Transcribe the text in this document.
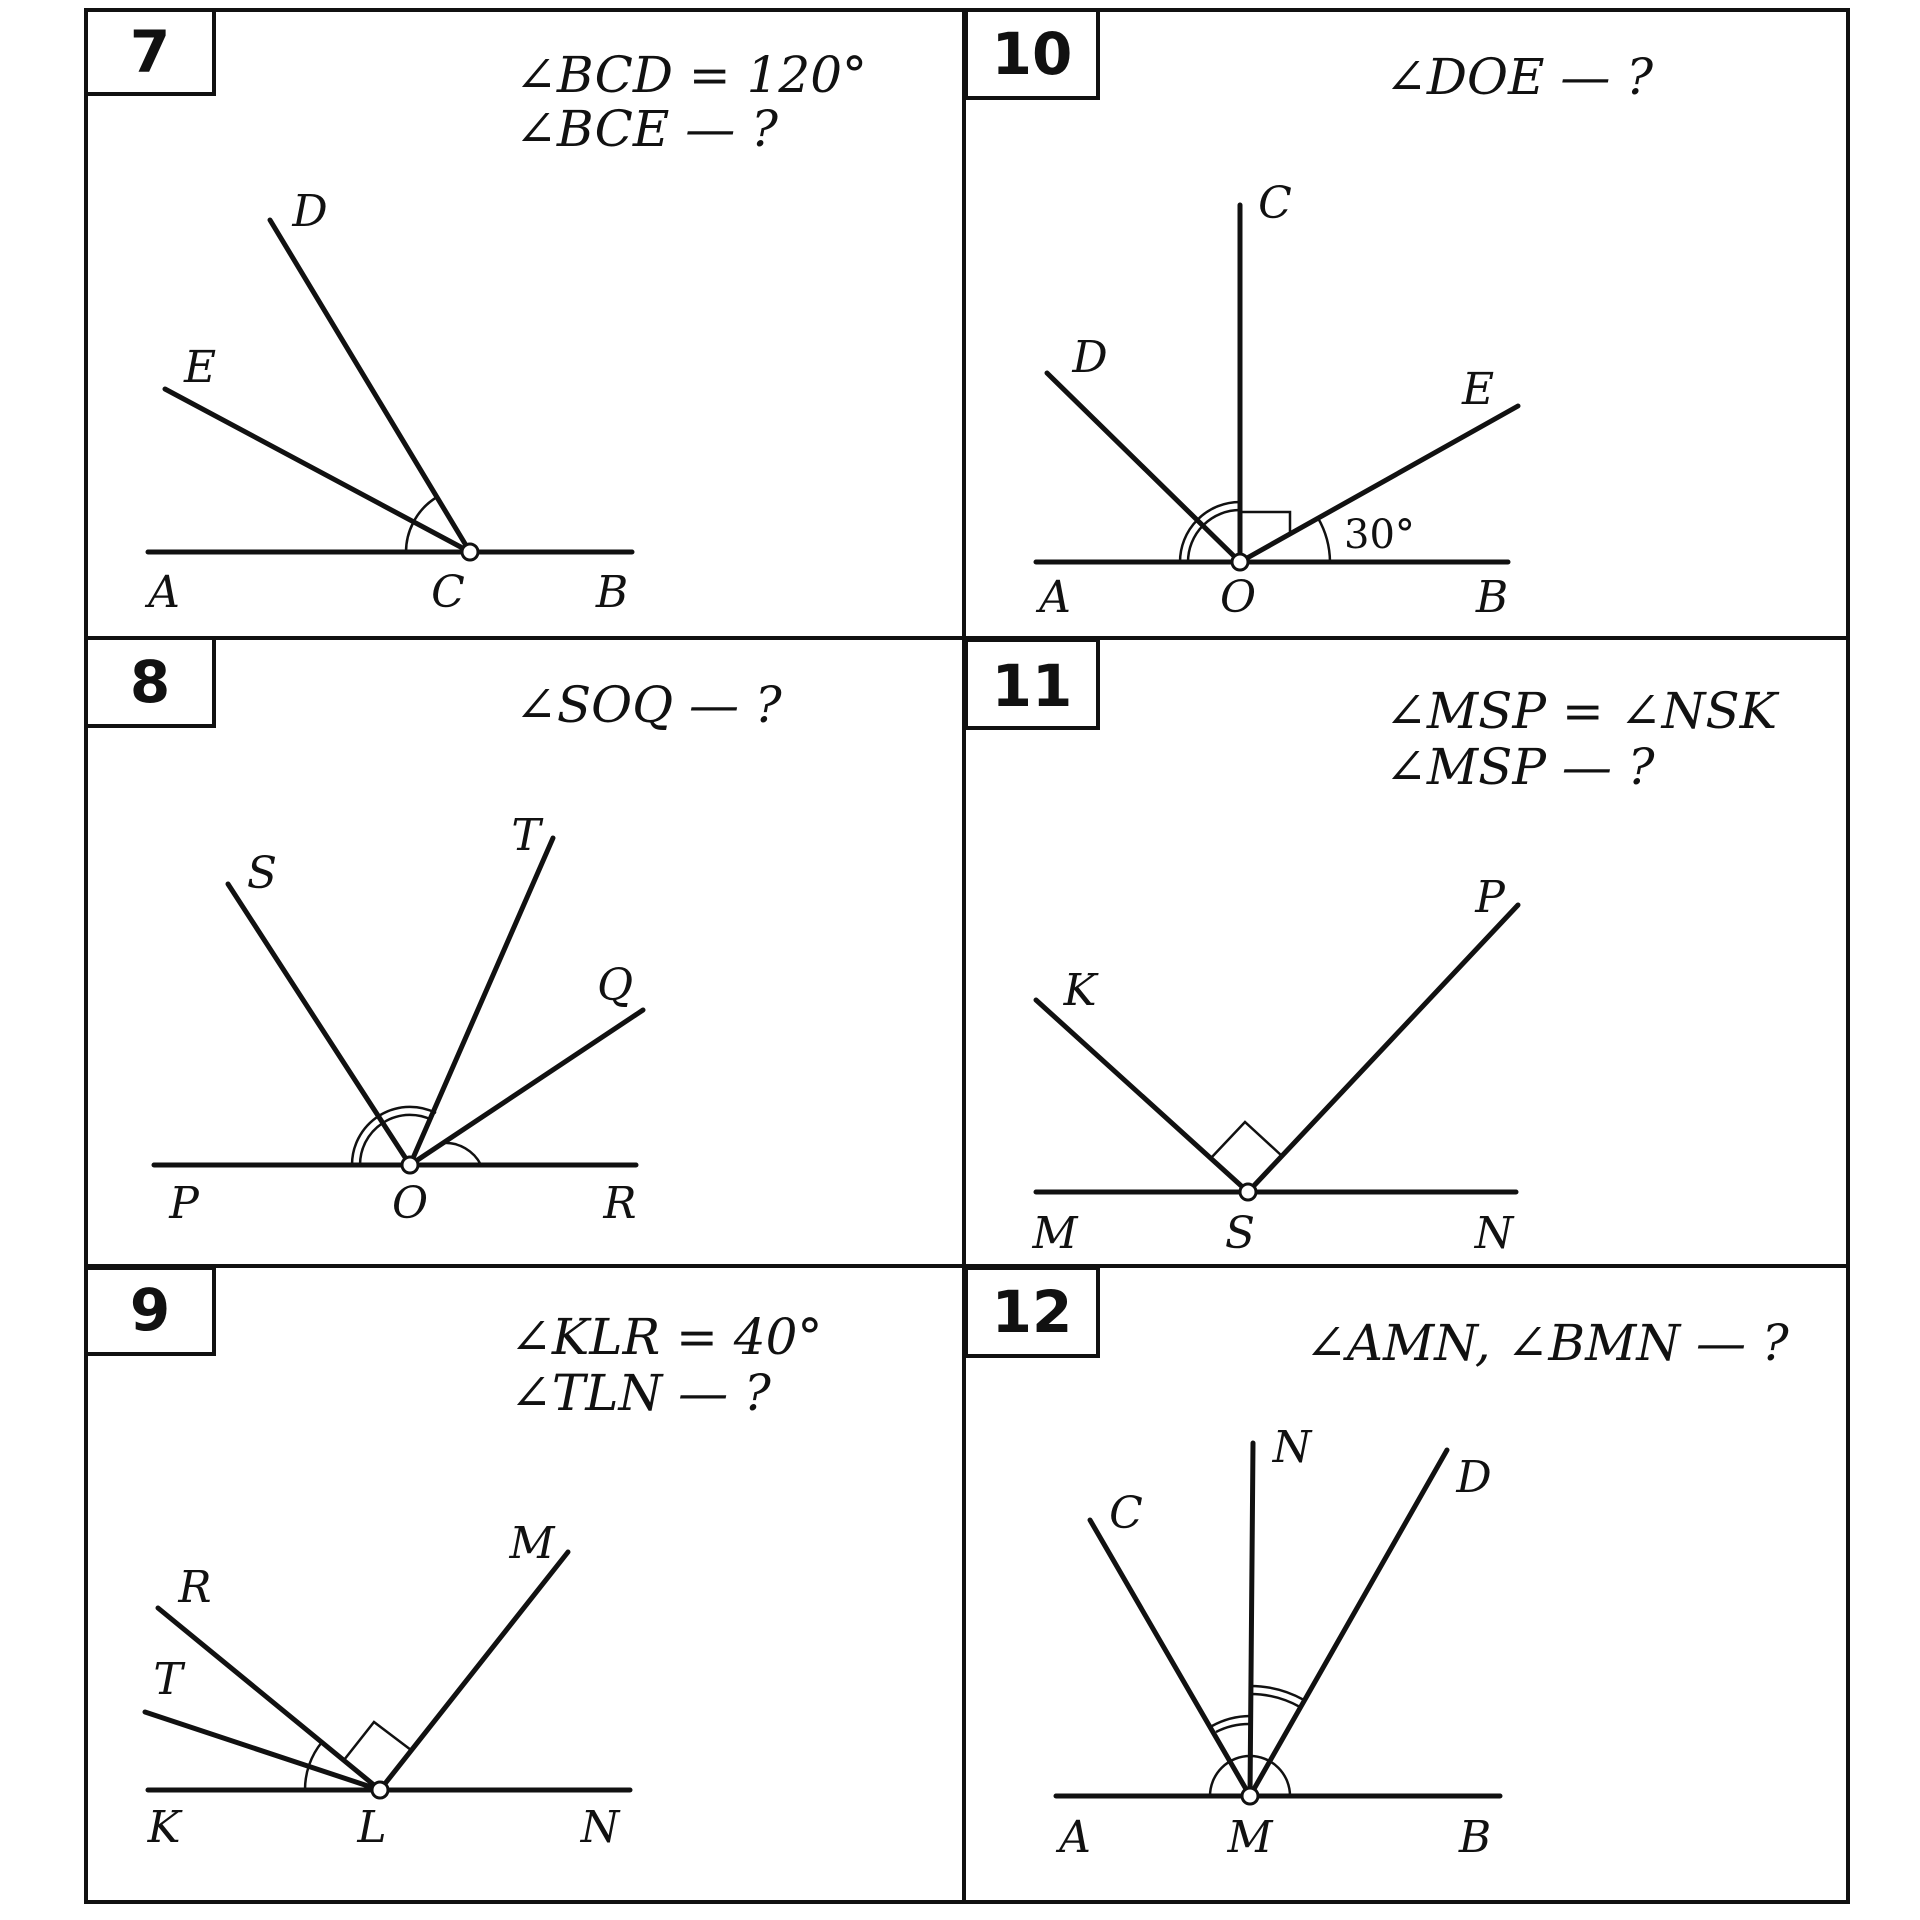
7	∠BCD = 120°
∠BCE — ?
A	C	B
D
E
10	∠DOE — ?
30°
A	O	B
C
D
E
8	∠SOQ — ?
P	O	R
S
T
Q
11	∠MSP = ∠NSK
∠MSP — ?
M	S	N
K
P
9	∠KLR = 40°
∠TLN — ?
K	L	N
R
T
M
12	∠AMN, ∠BMN — ?
A	M	B
C
N
D
